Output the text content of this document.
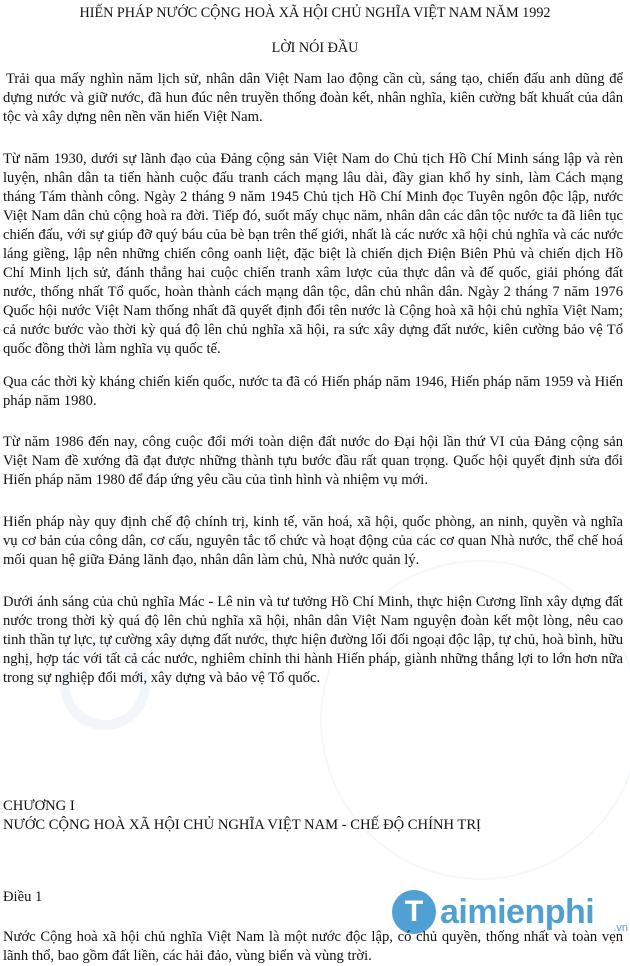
HIẾN PHÁP NƯỚC CỘNG HOÀ XÃ HỘI CHỦ NGHĨA VIỆT NAM NĂM 1992
LỜI NÓI ĐẦU

Trải qua mấy nghìn năm lịch sử, nhân dân Việt Nam lao động cần cù, sáng tạo, chiến đấu anh dũng để dựng nước và giữ nước, đã hun đúc nên truyền thống đoàn kết, nhân nghĩa, kiên cường bất khuất của dân tộc và xây dựng nên nền văn hiến Việt Nam.

Từ năm 1930, dưới sự lãnh đạo của Đảng cộng sản Việt Nam do Chủ tịch Hồ Chí Minh sáng lập và rèn luyện, nhân dân ta tiến hành cuộc đấu tranh cách mạng lâu dài, đầy gian khổ hy sinh, làm Cách mạng tháng Tám thành công. Ngày 2 tháng 9 năm 1945 Chủ tịch Hồ Chí Minh đọc Tuyên ngôn độc lập, nước Việt Nam dân chủ cộng hoà ra đời. Tiếp đó, suốt mấy chục năm, nhân dân các dân tộc nước ta đã liên tục chiến đấu, với sự giúp đỡ quý báu của bè bạn trên thế giới, nhất là các nước xã hội chủ nghĩa và các nước láng giềng, lập nên những chiến công oanh liệt, đặc biệt là chiến dịch Điện Biên Phủ và chiến dịch Hồ Chí Minh lịch sử, đánh thắng hai cuộc chiến tranh xâm lược của thực dân và đế quốc, giải phóng đất nước, thống nhất Tổ quốc, hoàn thành cách mạng dân tộc, dân chủ nhân dân. Ngày 2 tháng 7 năm 1976 Quốc hội nước Việt Nam thống nhất đã quyết định đổi tên nước là Cộng hoà xã hội chủ nghĩa Việt Nam; cả nước bước vào thời kỳ quá độ lên chủ nghĩa xã hội, ra sức xây dựng đất nước, kiên cường bảo vệ Tổ quốc đồng thời làm nghĩa vụ quốc tế.

Qua các thời kỳ kháng chiến kiến quốc, nước ta đã có Hiến pháp năm 1946, Hiến pháp năm 1959 và Hiến pháp năm 1980.

Từ năm 1986 đến nay, công cuộc đổi mới toàn diện đất nước do Đại hội lần thứ VI của Đảng cộng sản Việt Nam đề xướng đã đạt được những thành tựu bước đầu rất quan trọng. Quốc hội quyết định sửa đổi Hiến pháp năm 1980 để đáp ứng yêu cầu của tình hình và nhiệm vụ mới.

Hiến pháp này quy định chế độ chính trị, kinh tế, văn hoá, xã hội, quốc phòng, an ninh, quyền và nghĩa vụ cơ bản của công dân, cơ cấu, nguyên tắc tổ chức và hoạt động của các cơ quan Nhà nước, thể chế hoá mối quan hệ giữa Đảng lãnh đạo, nhân dân làm chủ, Nhà nước quản lý.

Dưới ánh sáng của chủ nghĩa Mác - Lê nin và tư tưởng Hồ Chí Minh, thực hiện Cương lĩnh xây dựng đất nước trong thời kỳ quá độ lên chủ nghĩa xã hội, nhân dân Việt Nam nguyện đoàn kết một lòng, nêu cao tinh thần tự lực, tự cường xây dựng đất nước, thực hiện đường lối đối ngoại độc lập, tự chủ, hoà bình, hữu nghị, hợp tác với tất cả các nước, nghiêm chỉnh thi hành Hiến pháp, giành những thắng lợi to lớn hơn nữa trong sự nghiệp đổi mới, xây dựng và bảo vệ Tổ quốc.

CHƯƠNG I
NƯỚC CỘNG HOÀ XÃ HỘI CHỦ NGHĨA VIỆT NAM - CHẾ ĐỘ CHÍNH TRỊ
Điều 1	T aimienphi .vn

Nước Cộng hoà xã hội chủ nghĩa Việt Nam là một nước độc lập, có chủ quyền, thống nhất và toàn vẹn lãnh thổ, bao gồm đất liền, các hải đảo, vùng biển và vùng trời.
